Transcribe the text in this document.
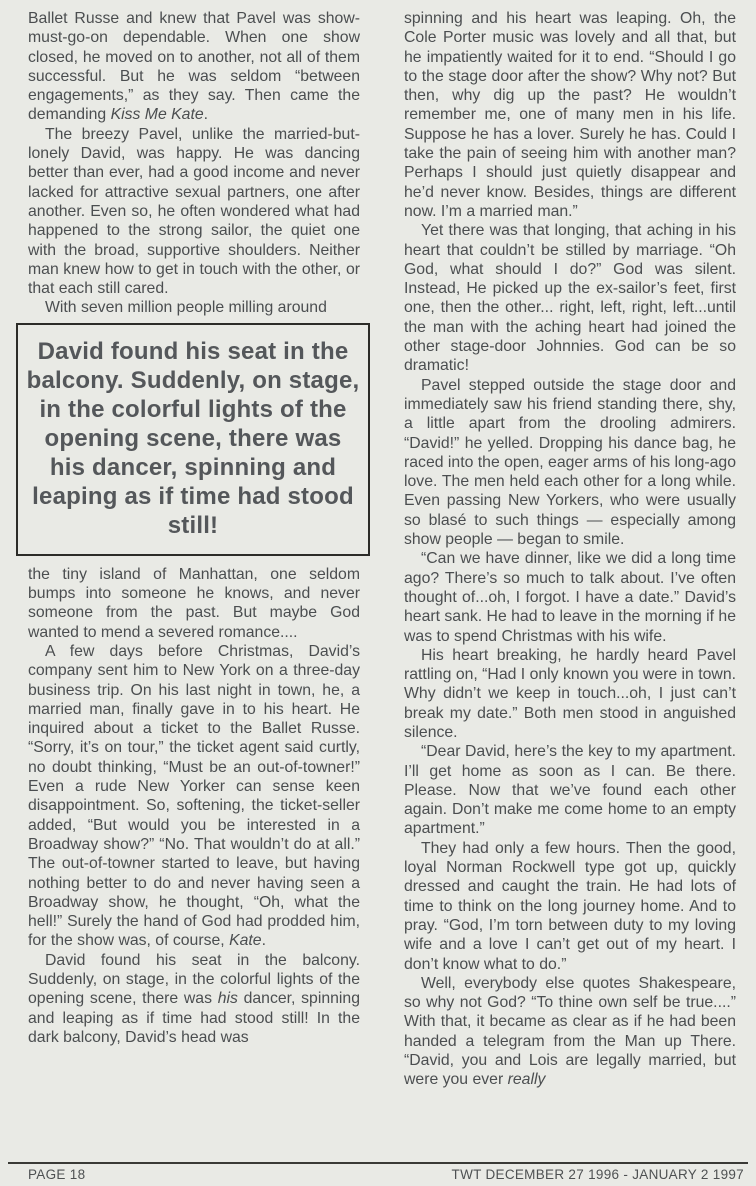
Ballet Russe and knew that Pavel was show-must-go-on dependable. When one show closed, he moved on to another, not all of them successful. But he was seldom “between engagements,” as they say. Then came the demanding Kiss Me Kate.

The breezy Pavel, unlike the married-but-lonely David, was happy. He was dancing better than ever, had a good income and never lacked for attractive sexual partners, one after another. Even so, he often wondered what had happened to the strong sailor, the quiet one with the broad, supportive shoulders. Neither man knew how to get in touch with the other, or that each still cared.

With seven million people milling around

David found his seat in the balcony. Suddenly, on stage, in the colorful lights of the opening scene, there was his dancer, spinning and leaping as if time had stood still!

the tiny island of Manhattan, one seldom bumps into someone he knows, and never someone from the past. But maybe God wanted to mend a severed romance....

A few days before Christmas, David’s company sent him to New York on a three-day business trip. On his last night in town, he, a married man, finally gave in to his heart. He inquired about a ticket to the Ballet Russe. “Sorry, it’s on tour,” the ticket agent said curtly, no doubt thinking, “Must be an out-of-towner!” Even a rude New Yorker can sense keen disappointment. So, softening, the ticket-seller added, “But would you be interested in a Broadway show?” “No. That wouldn’t do at all.” The out-of-towner started to leave, but having nothing better to do and never having seen a Broadway show, he thought, “Oh, what the hell!” Surely the hand of God had prodded him, for the show was, of course, Kate.

David found his seat in the balcony. Suddenly, on stage, in the colorful lights of the opening scene, there was his dancer, spinning and leaping as if time had stood still! In the dark balcony, David’s head was

spinning and his heart was leaping. Oh, the Cole Porter music was lovely and all that, but he impatiently waited for it to end. “Should I go to the stage door after the show? Why not? But then, why dig up the past? He wouldn’t remember me, one of many men in his life. Suppose he has a lover. Surely he has. Could I take the pain of seeing him with another man? Perhaps I should just quietly disappear and he’d never know. Besides, things are different now. I’m a married man.”

Yet there was that longing, that aching in his heart that couldn’t be stilled by marriage. “Oh God, what should I do?” God was silent. Instead, He picked up the ex-sailor’s feet, first one, then the other... right, left, right, left...until the man with the aching heart had joined the other stage-door Johnnies. God can be so dramatic!

Pavel stepped outside the stage door and immediately saw his friend standing there, shy, a little apart from the drooling admirers. “David!” he yelled. Dropping his dance bag, he raced into the open, eager arms of his long-ago love. The men held each other for a long while. Even passing New Yorkers, who were usually so blasé to such things — especially among show people — began to smile.

“Can we have dinner, like we did a long time ago? There’s so much to talk about. I’ve often thought of...oh, I forgot. I have a date.” David’s heart sank. He had to leave in the morning if he was to spend Christmas with his wife.

His heart breaking, he hardly heard Pavel rattling on, “Had I only known you were in town. Why didn’t we keep in touch...oh, I just can’t break my date.” Both men stood in anguished silence.

“Dear David, here’s the key to my apartment. I’ll get home as soon as I can. Be there. Please. Now that we’ve found each other again. Don’t make me come home to an empty apartment.”

They had only a few hours. Then the good, loyal Norman Rockwell type got up, quickly dressed and caught the train. He had lots of time to think on the long journey home. And to pray. “God, I’m torn between duty to my loving wife and a love I can’t get out of my heart. I don’t know what to do.”

Well, everybody else quotes Shakespeare, so why not God? “To thine own self be true....” With that, it became as clear as if he had been handed a telegram from the Man up There. “David, you and Lois are legally married, but were you ever really

PAGE 18	TWT DECEMBER 27 1996 - JANUARY 2 1997
